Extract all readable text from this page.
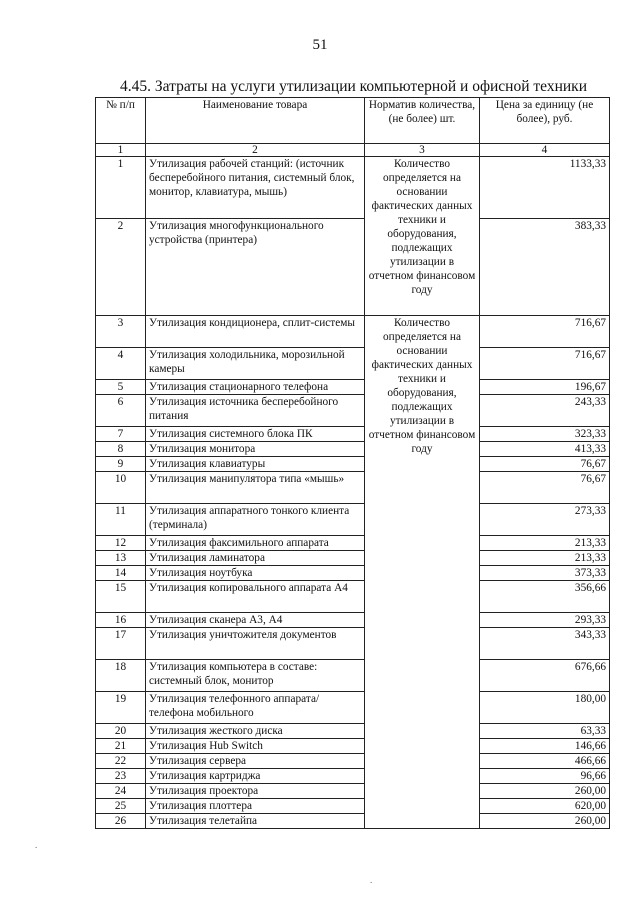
51
4.45. Затраты на услуги утилизации компьютерной и офисной техники
№ п/п	Наименование товара	Норматив количества, (не более) шт.	Цена за единицу (не более), руб.
1	2	3	4
1	Утилизация рабочей станций: (источник бесперебойного питания, системный блок, монитор, клавиатура, мышь)	Количество определяется на основании фактических данных техники и оборудования, подлежащих утилизации в отчетном финансовом году	1133,33
2	Утилизация многофункционального устройства (принтера)		383,33
3	Утилизация кондиционера, сплит-системы	Количество определяется на основании фактических данных техники и оборудования, подлежащих утилизации в отчетном финансовом году	716,67
4	Утилизация холодильника, морозильной камеры		716,67
5	Утилизация стационарного телефона		196,67
6	Утилизация источника бесперебойного питания		243,33
7	Утилизация системного блока ПК		323,33
8	Утилизация монитора		413,33
9	Утилизация клавиатуры		76,67
10	Утилизация манипулятора типа «мышь»		76,67
11	Утилизация аппаратного тонкого клиента (терминала)		273,33
12	Утилизация факсимильного аппарата		213,33
13	Утилизация ламинатора		213,33
14	Утилизация ноутбука		373,33
15	Утилизация копировального аппарата А4		356,66
16	Утилизация сканера А3, А4		293,33
17	Утилизация уничтожителя документов		343,33
18	Утилизация компьютера в составе: системный блок, монитор		676,66
19	Утилизация телефонного аппарата/телефона мобильного		180,00
20	Утилизация жесткого диска		63,33
21	Утилизация Hub Switch		146,66
22	Утилизация сервера		466,66
23	Утилизация картриджа		96,66
24	Утилизация проектора		260,00
25	Утилизация плоттера		620,00
26	Утилизация телетайпа		260,00
.
.
